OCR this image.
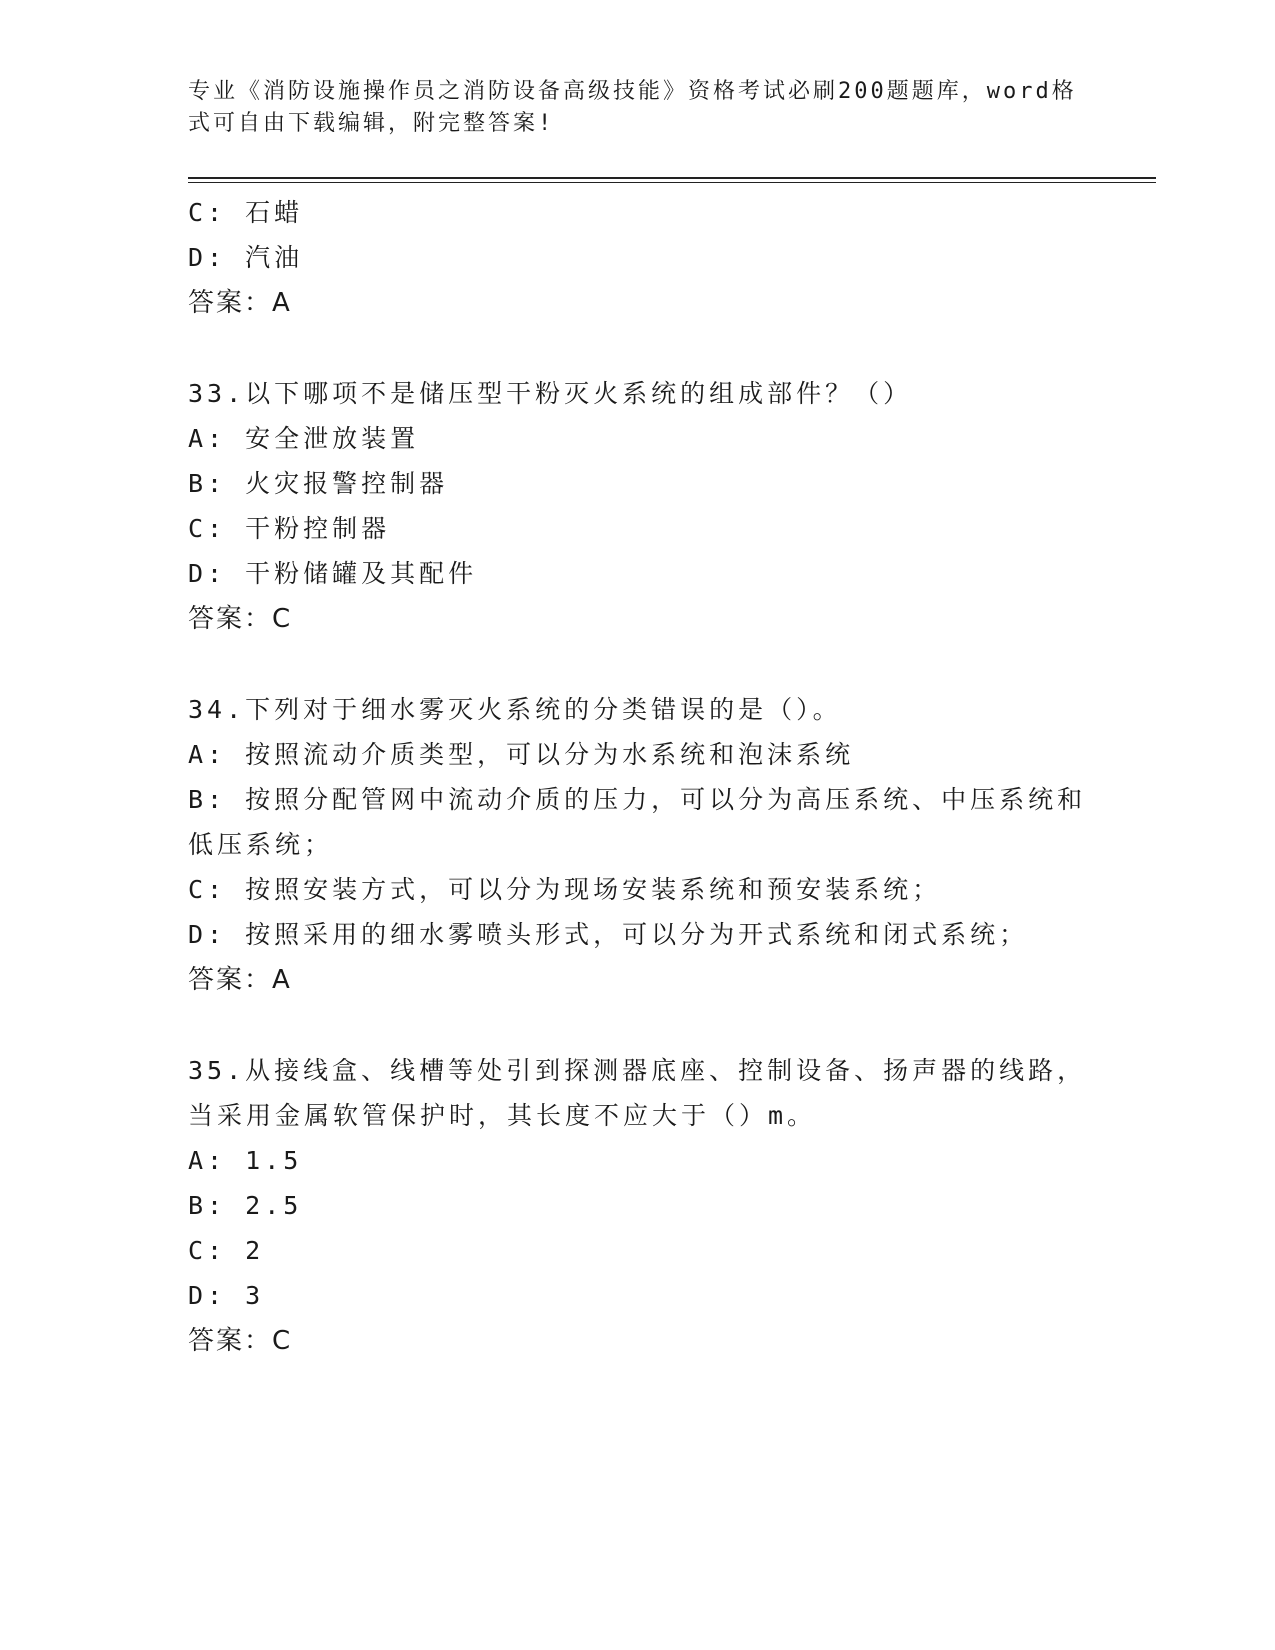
专业《消防设施操作员之消防设备高级技能》资格考试必刷200题题库，word格式可自由下载编辑，附完整答案!
C: 石蜡
D: 汽油
答案：A
33.以下哪项不是储压型干粉灭火系统的组成部件？（）
A: 安全泄放装置
B: 火灾报警控制器
C: 干粉控制器
D: 干粉储罐及其配件
答案：C
34.下列对于细水雾灭火系统的分类错误的是（）。
A: 按照流动介质类型，可以分为水系统和泡沫系统
B: 按照分配管网中流动介质的压力，可以分为高压系统、中压系统和低压系统；
C: 按照安装方式，可以分为现场安装系统和预安装系统；
D: 按照采用的细水雾喷头形式，可以分为开式系统和闭式系统；
答案：A
35.从接线盒、线槽等处引到探测器底座、控制设备、扬声器的线路，当采用金属软管保护时，其长度不应大于（）m。
A: 1.5
B: 2.5
C: 2
D: 3
答案：C
